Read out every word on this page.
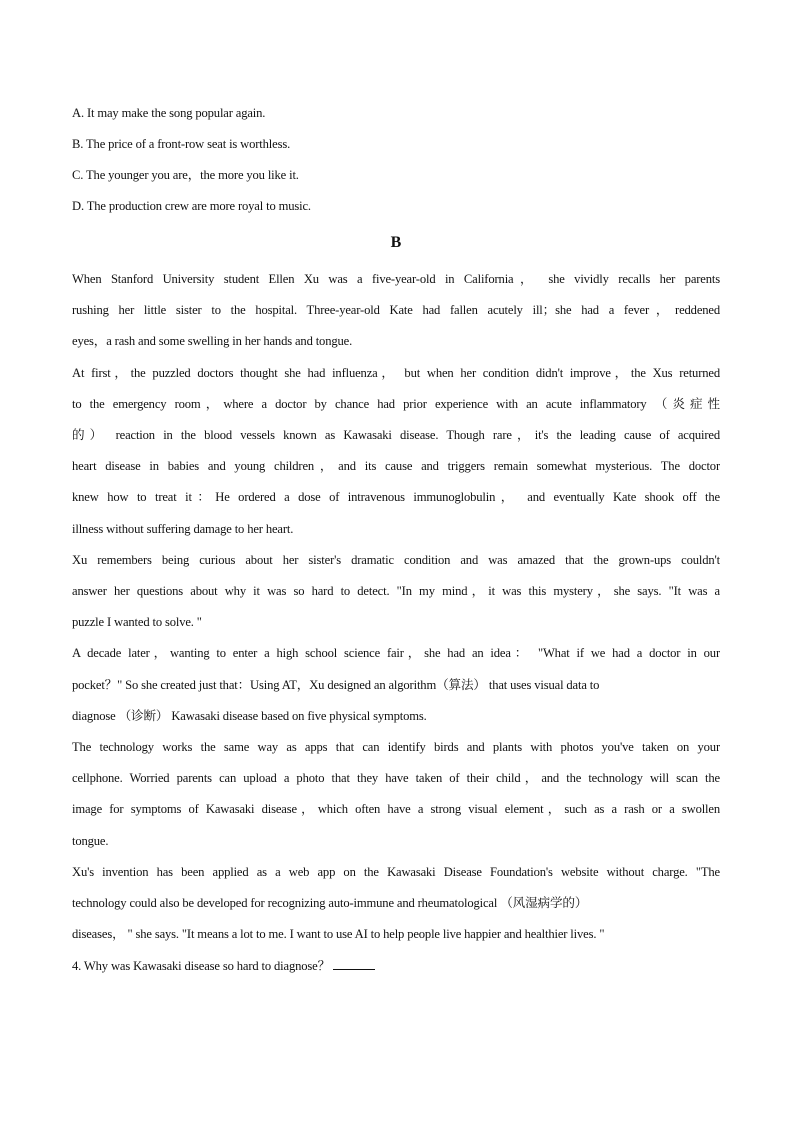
A. It may make the song popular again.
B. The price of a front-row seat is worthless.
C. The younger you are，the more you like it.
D. The production crew are more royal to music.
B
When Stanford University student Ellen Xu was a five-year-old in California， she vividly recalls her parents
rushing her little sister to the hospital. Three-year-old Kate had fallen acutely ill；she had a fever，reddened
eyes，a rash and some swelling in her hands and tongue.
At first，the puzzled doctors thought she had influenza， but when her condition didn't improve，the Xus returned
to the emergency room，where a doctor by chance had prior experience with an acute inflammatory （炎症性
的） reaction in the blood vessels known as Kawasaki disease. Though rare，it's the leading cause of acquired
heart disease in babies and young children，and its cause and triggers remain somewhat mysterious. The doctor
knew how to treat it：He ordered a dose of intravenous immunoglobulin， and eventually Kate shook off the
illness without suffering damage to her heart.
Xu remembers being curious about her sister's dramatic condition and was amazed that the grown-ups couldn't
answer her questions about why it was so hard to detect. "In my mind，it was this mystery，she says. "It was a
puzzle I wanted to solve. "
A decade later，wanting to enter a high school science fair，she had an idea： "What if we had a doctor in our
pocket？" So she created just that：Using AT，Xu designed an algorithm（算法） that uses visual data to
diagnose （诊断） Kawasaki disease based on five physical symptoms.
The technology works the same way as apps that can identify birds and plants with photos you've taken on your
cellphone. Worried parents can upload a photo that they have taken of their child，and the technology will scan the
image for symptoms of Kawasaki disease，which often have a strong visual element，such as a rash or a swollen
tongue.
Xu's invention has been applied as a web app on the Kawasaki Disease Foundation's website without charge. "The
technology could also be developed for recognizing auto-immune and rheumatological （风湿病学的）
diseases， " she says. "It means a lot to me. I want to use AI to help people live happier and healthier lives. "
4. Why was Kawasaki disease so hard to diagnose？
